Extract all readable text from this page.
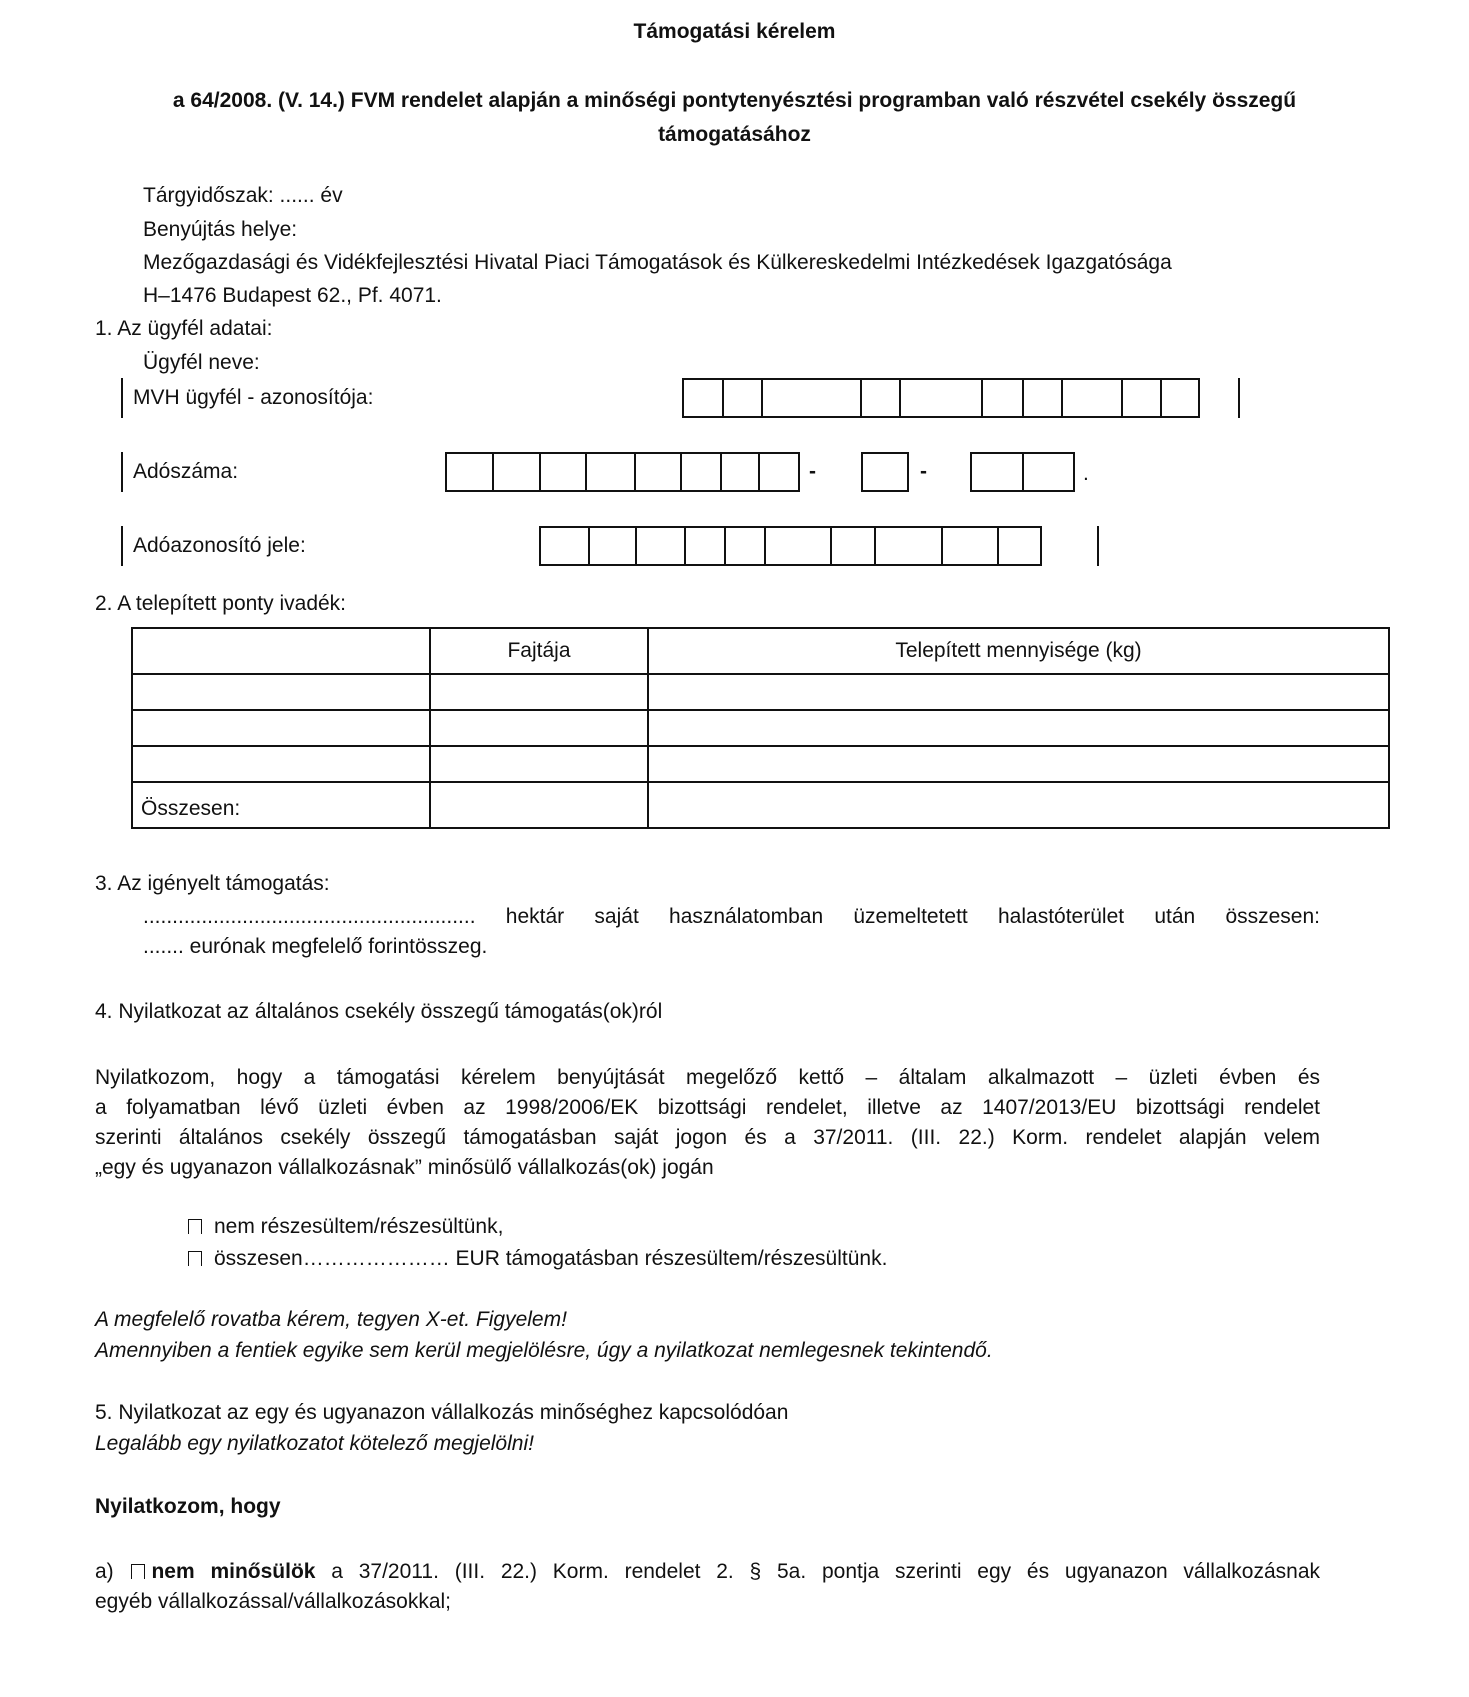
Támogatási kérelem
a 64/2008. (V. 14.) FVM rendelet alapján a minőségi pontytenyésztési programban való részvétel csekély összegű támogatásához
Tárgyidőszak: ...... év
Benyújtás helye:
Mezőgazdasági és Vidékfejlesztési Hivatal Piaci Támogatások és Külkereskedelmi Intézkedések Igazgatósága
H–1476 Budapest 62., Pf. 4071.
1. Az ügyfél adatai:
Ügyfél neve:
MVH ügyfél - azonosítója:
Adószáma:	-	-	.
Adóazonosító jele:
2. A telepített ponty ivadék:
	Fajtája	Telepített mennyisége (kg)

Összesen:		
3. Az igényelt támogatás:
......................................................... hektár saját használatomban üzemeltetett halastóterület után összesen:
....... eurónak megfelelő forintösszeg.
4. Nyilatkozat az általános csekély összegű támogatás(ok)ról
Nyilatkozom, hogy a támogatási kérelem benyújtását megelőző kettő – általam alkalmazott – üzleti évben és
a folyamatban lévő üzleti évben az 1998/2006/EK bizottsági rendelet, illetve az 1407/2013/EU bizottsági rendelet
szerinti általános csekély összegű támogatásban saját jogon és a 37/2011. (III. 22.) Korm. rendelet alapján velem
„egy és ugyanazon vállalkozásnak” minősülő vállalkozás(ok) jogán
nem részesültem/részesültünk,
összesen………………… EUR támogatásban részesültem/részesültünk.
A megfelelő rovatba kérem, tegyen X-et. Figyelem!
Amennyiben a fentiek egyike sem kerül megjelölésre, úgy a nyilatkozat nemlegesnek tekintendő.
5. Nyilatkozat az egy és ugyanazon vállalkozás minőséghez kapcsolódóan
Legalább egy nyilatkozatot kötelező megjelölni!
Nyilatkozom, hogy
a) nem minősülök a 37/2011. (III. 22.) Korm. rendelet 2. § 5a. pontja szerinti egy és ugyanazon vállalkozásnak
egyéb vállalkozással/vállalkozásokkal;
